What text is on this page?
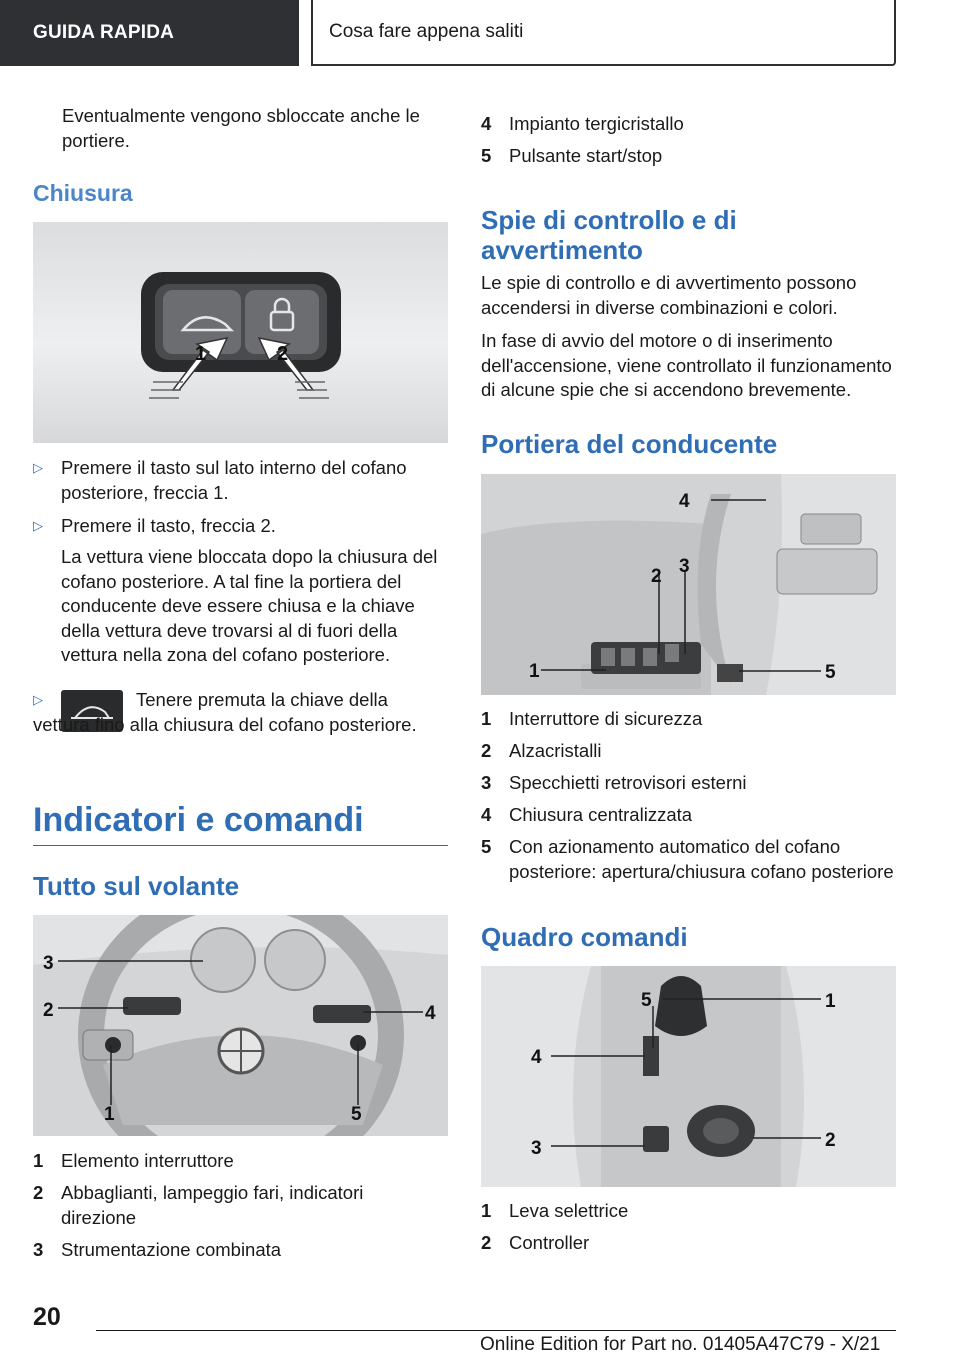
GUIDA RAPIDA	Cosa fare appena saliti
Eventualmente vengono sbloccate anche le portiere.
Chiusura
1	2
▷ Premere il tasto sul lato interno del cofano posteriore, freccia 1.
▷ Premere il tasto, freccia 2.
La vettura viene bloccata dopo la chiusura del cofano posteriore. A tal fine la portiera del conducente deve essere chiusa e la chiave della vettura deve trovarsi al di fuori della vettura nella zona del cofano posteriore.
▷	Tenere premuta la chiave della vettura fino alla chiusura del cofano posteriore.
Indicatori e comandi
Tutto sul volante
3
2	4
1	5
1 Elemento interruttore
2 Abbaglianti, lampeggio fari, indicatori direzione
3 Strumentazione combinata
4 Impianto tergicristallo
5 Pulsante start/stop
Spie di controllo e di avvertimento
Le spie di controllo e di avvertimento possono accendersi in diverse combinazioni e colori.
In fase di avvio del motore o di inserimento dell'accensione, viene controllato il funzionamento di alcune spie che si accendono brevemente.
Portiera del conducente
4
2 3
1	5
1 Interruttore di sicurezza
2 Alzacristalli
3 Specchietti retrovisori esterni
4 Chiusura centralizzata
5 Con azionamento automatico del cofano posteriore: apertura/chiusura cofano posteriore
Quadro comandi
5	1
4
3	2
1 Leva selettrice
2 Controller
20
Online Edition for Part no. 01405A47C79 - X/21
